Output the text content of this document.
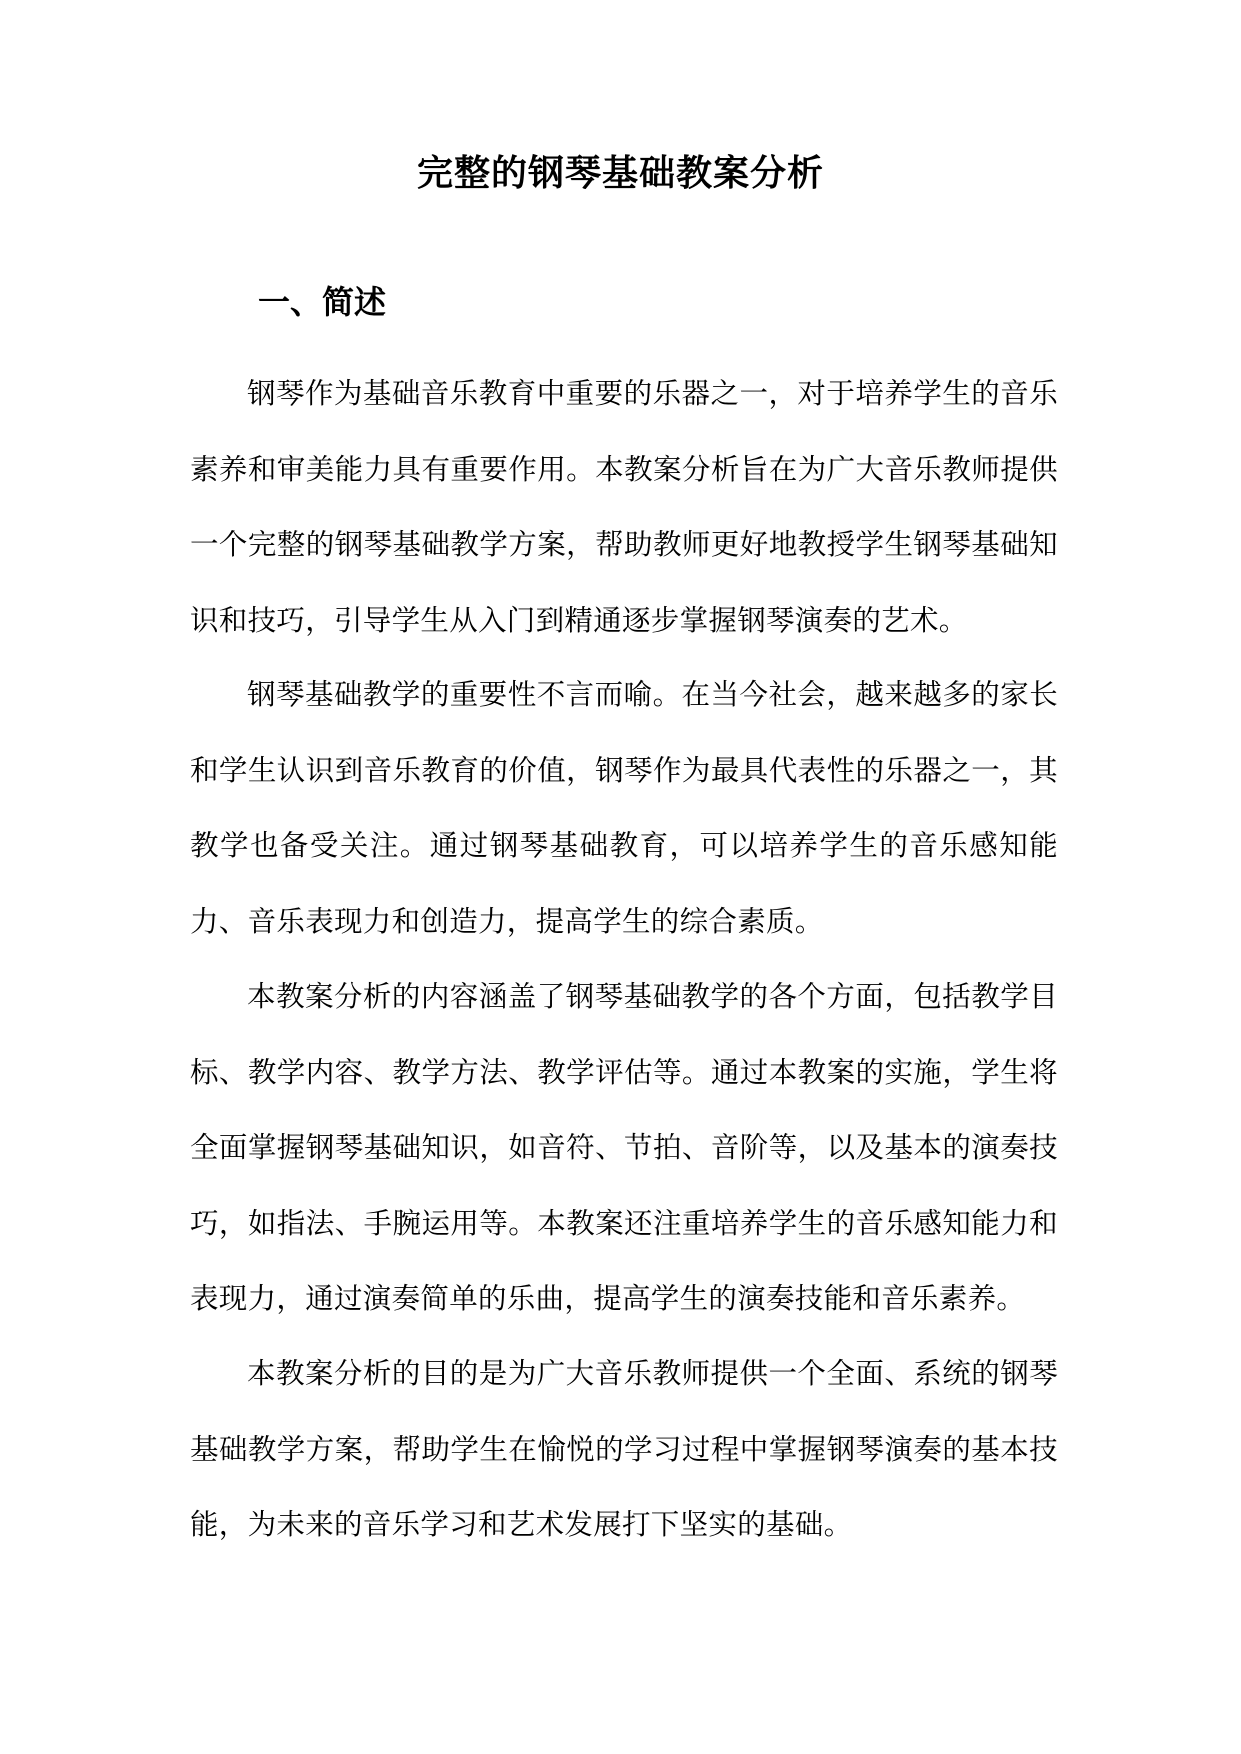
完整的钢琴基础教案分析
一、简述

钢琴作为基础音乐教育中重要的乐器之一，对于培养学生的音乐素养和审美能力具有重要作用。本教案分析旨在为广大音乐教师提供一个完整的钢琴基础教学方案，帮助教师更好地教授学生钢琴基础知识和技巧，引导学生从入门到精通逐步掌握钢琴演奏的艺术。

钢琴基础教学的重要性不言而喻。在当今社会，越来越多的家长和学生认识到音乐教育的价值，钢琴作为最具代表性的乐器之一，其教学也备受关注。通过钢琴基础教育，可以培养学生的音乐感知能力、音乐表现力和创造力，提高学生的综合素质。

本教案分析的内容涵盖了钢琴基础教学的各个方面，包括教学目标、教学内容、教学方法、教学评估等。通过本教案的实施，学生将全面掌握钢琴基础知识，如音符、节拍、音阶等，以及基本的演奏技巧，如指法、手腕运用等。本教案还注重培养学生的音乐感知能力和表现力，通过演奏简单的乐曲，提高学生的演奏技能和音乐素养。

本教案分析的目的是为广大音乐教师提供一个全面、系统的钢琴基础教学方案，帮助学生在愉悦的学习过程中掌握钢琴演奏的基本技能，为未来的音乐学习和艺术发展打下坚实的基础。
